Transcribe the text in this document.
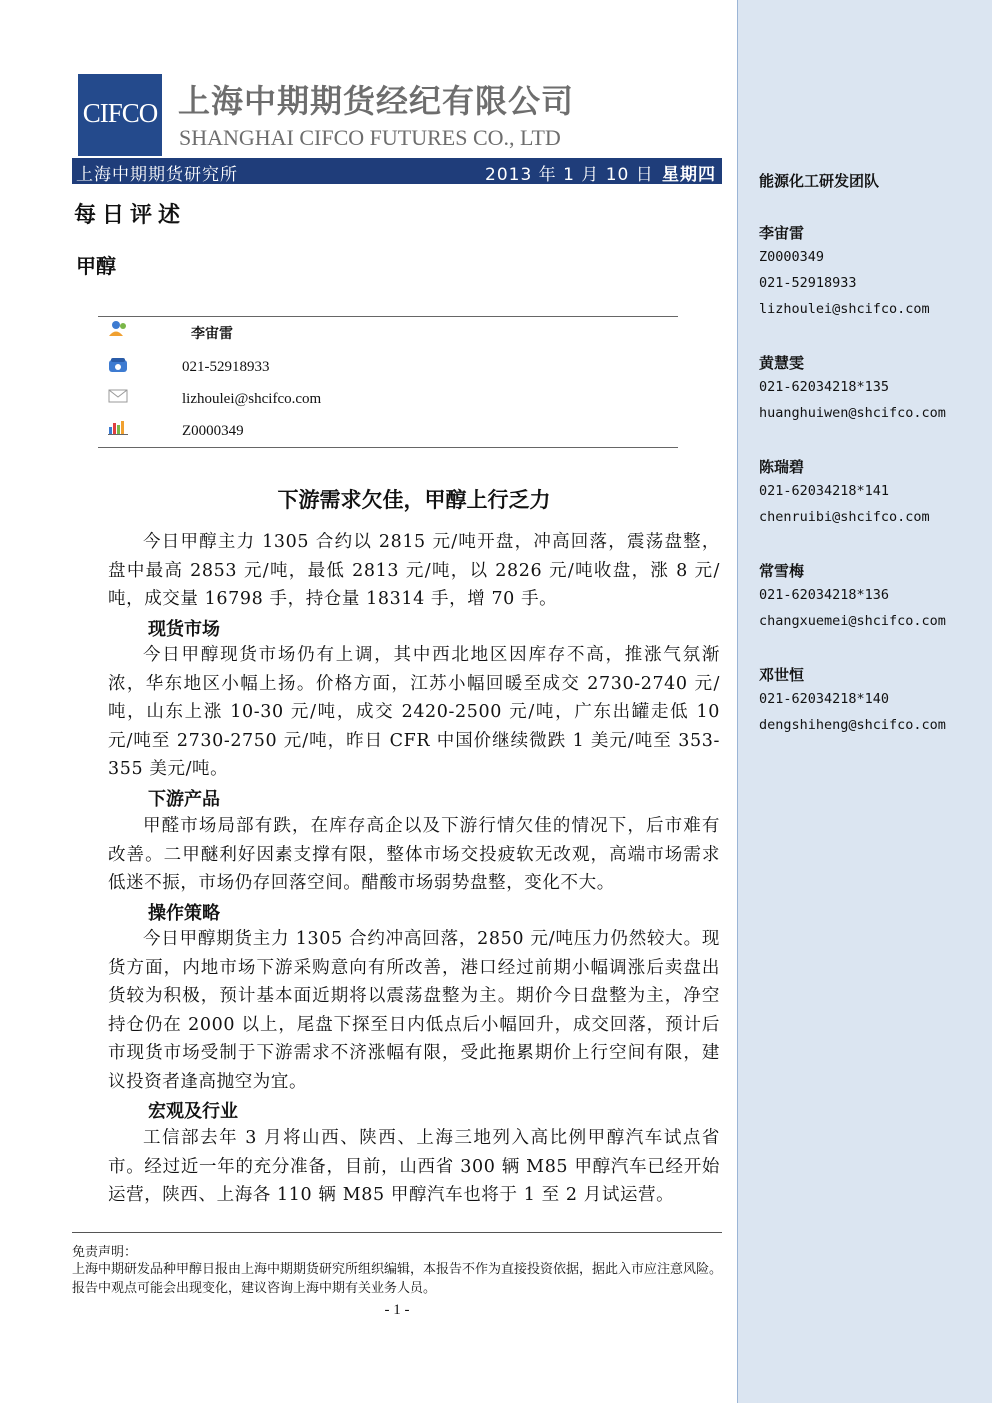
CIFCO 上海中期期货经纪有限公司
SHANGHAI CIFCO FUTURES CO., LTD
上海中期期货研究所	2013 年 1 月 10 日 星期四
每日评述
甲醇
李宙雷
021-52918933
lizhoulei@shcifco.com
Z0000349
下游需求欠佳，甲醇上行乏力

今日甲醇主力 1305 合约以 2815 元/吨开盘，冲高回落，震荡盘整，盘中最高 2853 元/吨，最低 2813 元/吨，以 2826 元/吨收盘，涨 8 元/吨，成交量 16798 手，持仓量 18314 手，增 70 手。

现货市场

今日甲醇现货市场仍有上调，其中西北地区因库存不高，推涨气氛渐浓，华东地区小幅上扬。价格方面，江苏小幅回暖至成交 2730-2740 元/吨，山东上涨 10-30 元/吨，成交 2420-2500 元/吨，广东出罐走低 10 元/吨至 2730-2750 元/吨，昨日 CFR 中国价继续微跌 1 美元/吨至 353-355 美元/吨。

下游产品

甲醛市场局部有跌，在库存高企以及下游行情欠佳的情况下，后市难有改善。二甲醚利好因素支撑有限，整体市场交投疲软无改观，高端市场需求低迷不振，市场仍存回落空间。醋酸市场弱势盘整，变化不大。

操作策略

今日甲醇期货主力 1305 合约冲高回落，2850 元/吨压力仍然较大。现货方面，内地市场下游采购意向有所改善，港口经过前期小幅调涨后卖盘出货较为积极，预计基本面近期将以震荡盘整为主。期价今日盘整为主，净空持仓仍在 2000 以上，尾盘下探至日内低点后小幅回升，成交回落，预计后市现货市场受制于下游需求不济涨幅有限，受此拖累期价上行空间有限，建议投资者逢高抛空为宜。

宏观及行业

工信部去年 3 月将山西、陕西、上海三地列入高比例甲醇汽车试点省市。经过近一年的充分准备，目前，山西省 300 辆 M85 甲醇汽车已经开始运营，陕西、上海各 110 辆 M85 甲醇汽车也将于 1 至 2 月试运营。

免责声明：

上海中期研发品种甲醇日报由上海中期期货研究所组织编辑，本报告不作为直接投资依据，据此入市应注意风险。报告中观点可能会出现变化，建议咨询上海中期有关业务人员。

- 1 -
能源化工研发团队
李宙雷
Z0000349
021-52918933
lizhoulei@shcifco.com
黄慧雯
021-62034218*135
huanghuiwen@shcifco.com
陈瑞碧
021-62034218*141
chenruibi@shcifco.com
常雪梅
021-62034218*136
changxuemei@shcifco.com
邓世恒
021-62034218*140
dengshiheng@shcifco.com
